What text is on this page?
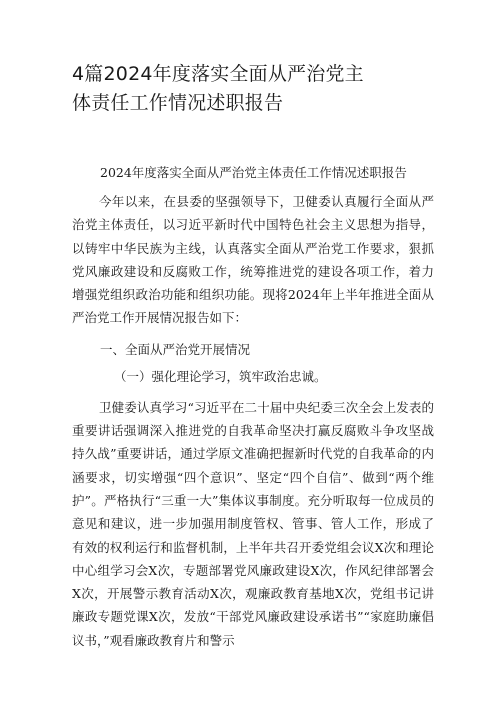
4篇2024年度落实全面从严治党主体责任工作情况述职报告

2024年度落实全面从严治党主体责任工作情况述职报告

今年以来，在县委的坚强领导下，卫健委认真履行全面从严治党主体责任，以习近平新时代中国特色社会主义思想为指导，以铸牢中华民族为主线，认真落实全面从严治党工作要求，狠抓党风廉政建设和反腐败工作，统筹推进党的建设各项工作，着力增强党组织政治功能和组织功能。现将2024年上半年推进全面从严治党工作开展情况报告如下：

一、全面从严治党开展情况

（一）强化理论学习，筑牢政治忠诚。

卫健委认真学习“习近平在二十届中央纪委三次全会上发表的重要讲话强调深入推进党的自我革命坚决打赢反腐败斗争攻坚战持久战”重要讲话，通过学原文准确把握新时代党的自我革命的内涵要求，切实增强“四个意识”、坚定“四个自信”、做到“两个维护”。严格执行“三重一大”集体议事制度。充分听取每一位成员的意见和建议，进一步加强用制度管权、管事、管人工作，形成了有效的权利运行和监督机制，上半年共召开委党组会议X次和理论中心组学习会X次，专题部署党风廉政建设X次，作风纪律部署会X次，开展警示教育活动X次，观廉政教育基地X次，党组书记讲廉政专题党课X次，发放“干部党风廉政建设承诺书”“家庭助廉倡议书，”观看廉政教育片和警示
